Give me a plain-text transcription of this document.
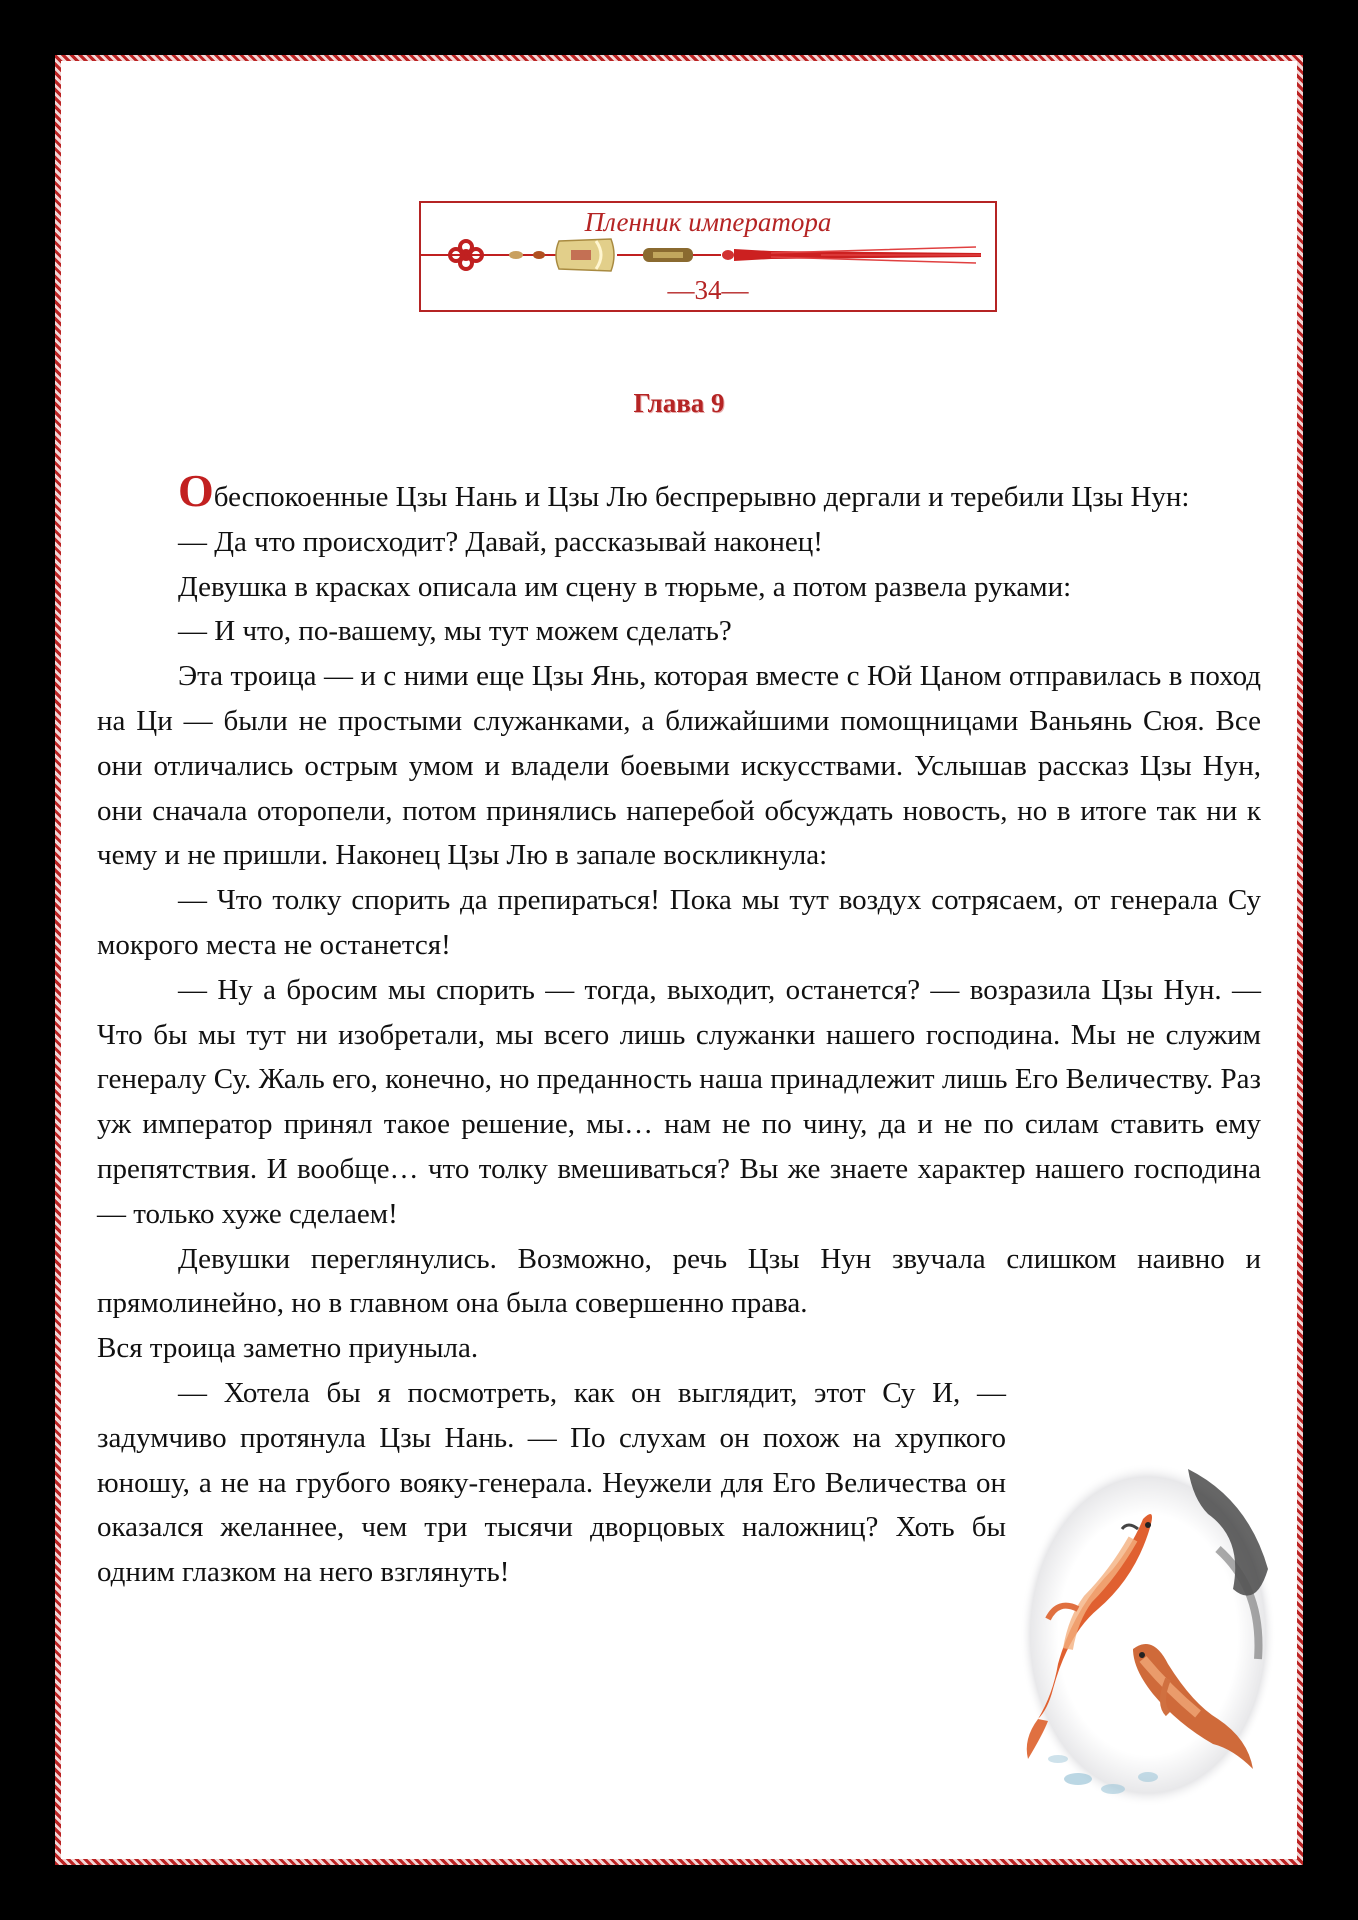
Пленник императора
—34—
Глава 9

Обеспокоенные Цзы Нань и Цзы Лю беспрерывно дергали и теребили Цзы Нун:

— Да что происходит? Давай, рассказывай наконец!

Девушка в красках описала им сцену в тюрьме, а потом развела руками:

— И что, по-вашему, мы тут можем сделать?

Эта троица — и с ними еще Цзы Янь, которая вместе с Юй Цаном отправилась в поход на Ци — были не простыми служанками, а ближайшими помощницами Ваньянь Сюя. Все они отличались острым умом и владели боевыми искусствами. Услышав рассказ Цзы Нун, они сначала оторопели, потом принялись наперебой обсуждать новость, но в итоге так ни к чему и не пришли. Наконец Цзы Лю в запале воскликнула:

— Что толку спорить да препираться! Пока мы тут воздух сотрясаем, от генерала Су мокрого места не останется!

— Ну а бросим мы спорить — тогда, выходит, останется? — возразила Цзы Нун. — Что бы мы тут ни изобретали, мы всего лишь служанки нашего господина. Мы не служим генералу Су. Жаль его, конечно, но преданность наша принадлежит лишь Его Величеству. Раз уж император принял такое решение, мы… нам не по чину, да и не по силам ставить ему препятствия. И вообще… что толку вмешиваться? Вы же знаете характер нашего господина — только хуже сделаем!

Девушки переглянулись. Возможно, речь Цзы Нун звучала слишком наивно и прямолинейно, но в главном она была совершенно права.

Вся троица заметно приуныла.

— Хотела бы я посмотреть, как он выглядит, этот Су И, — задумчиво протянула Цзы Нань. — По слухам он похож на хрупкого юношу, а не на грубого вояку-генерала. Неужели для Его Величества он оказался желаннее, чем три тысячи дворцовых наложниц? Хоть бы одним глазком на него взглянуть!
